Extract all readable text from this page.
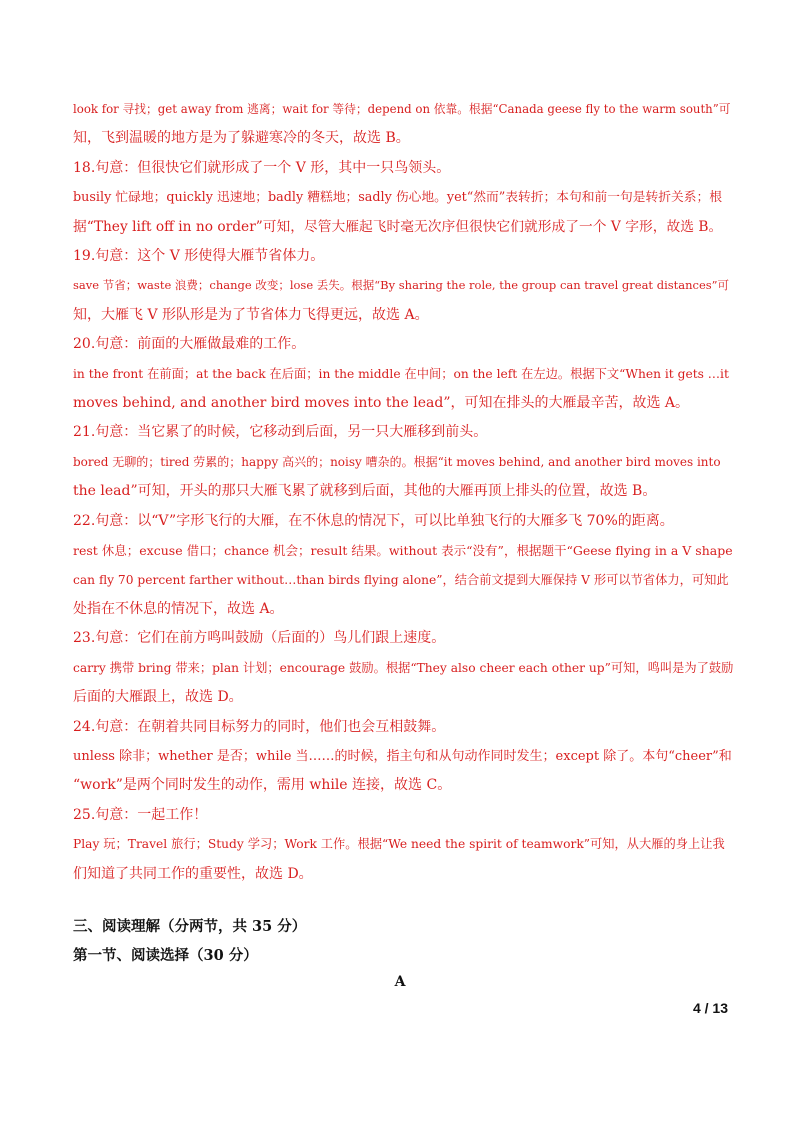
look for 寻找；get away from 逃离；wait for 等待；depend on 依靠。根据“Canada geese fly to the warm south”可

知，飞到温暖的地方是为了躲避寒冷的冬天，故选 B。

18.句意：但很快它们就形成了一个 V 形，其中一只鸟领头。

busily 忙碌地；quickly 迅速地；badly 糟糕地；sadly 伤心地。yet“然而”表转折；本句和前一句是转折关系；根

据“They lift off in no order”可知，尽管大雁起飞时毫无次序但很快它们就形成了一个 V 字形，故选 B。

19.句意：这个 V 形使得大雁节省体力。

save 节省；waste 浪费；change 改变；lose 丢失。根据“By sharing the role, the group can travel great distances”可

知，大雁飞 V 形队形是为了节省体力飞得更远，故选 A。

20.句意：前面的大雁做最难的工作。

in the front 在前面；at the back 在后面；in the middle 在中间；on the left 在左边。根据下文“When it gets …it

moves behind, and another bird moves into the lead”，可知在排头的大雁最辛苦，故选 A。

21.句意：当它累了的时候，它移动到后面，另一只大雁移到前头。

bored 无聊的；tired 劳累的；happy 高兴的；noisy 嘈杂的。根据“it moves behind, and another bird moves into

the lead”可知，开头的那只大雁飞累了就移到后面，其他的大雁再顶上排头的位置，故选 B。

22.句意：以“V”字形飞行的大雁，在不休息的情况下，可以比单独飞行的大雁多飞 70%的距离。

rest 休息；excuse 借口；chance 机会；result 结果。without 表示“没有”，根据题干“Geese flying in a V shape

can fly 70 percent farther without…than birds flying alone”，结合前文提到大雁保持 V 形可以节省体力，可知此

处指在不休息的情况下，故选 A。

23.句意：它们在前方鸣叫鼓励（后面的）鸟儿们跟上速度。

carry 携带 bring 带来；plan 计划；encourage 鼓励。根据“They also cheer each other up”可知，鸣叫是为了鼓励

后面的大雁跟上，故选 D。

24.句意：在朝着共同目标努力的同时，他们也会互相鼓舞。

unless 除非；whether 是否；while 当……的时候，指主句和从句动作同时发生；except 除了。本句“cheer”和

“work”是两个同时发生的动作，需用 while 连接，故选 C。

25.句意：一起工作！

Play 玩；Travel 旅行；Study 学习；Work 工作。根据“We need the spirit of teamwork”可知，从大雁的身上让我

们知道了共同工作的重要性，故选 D。

三、阅读理解（分两节，共 35 分）
第一节、阅读选择（30 分）
A
4 / 13
